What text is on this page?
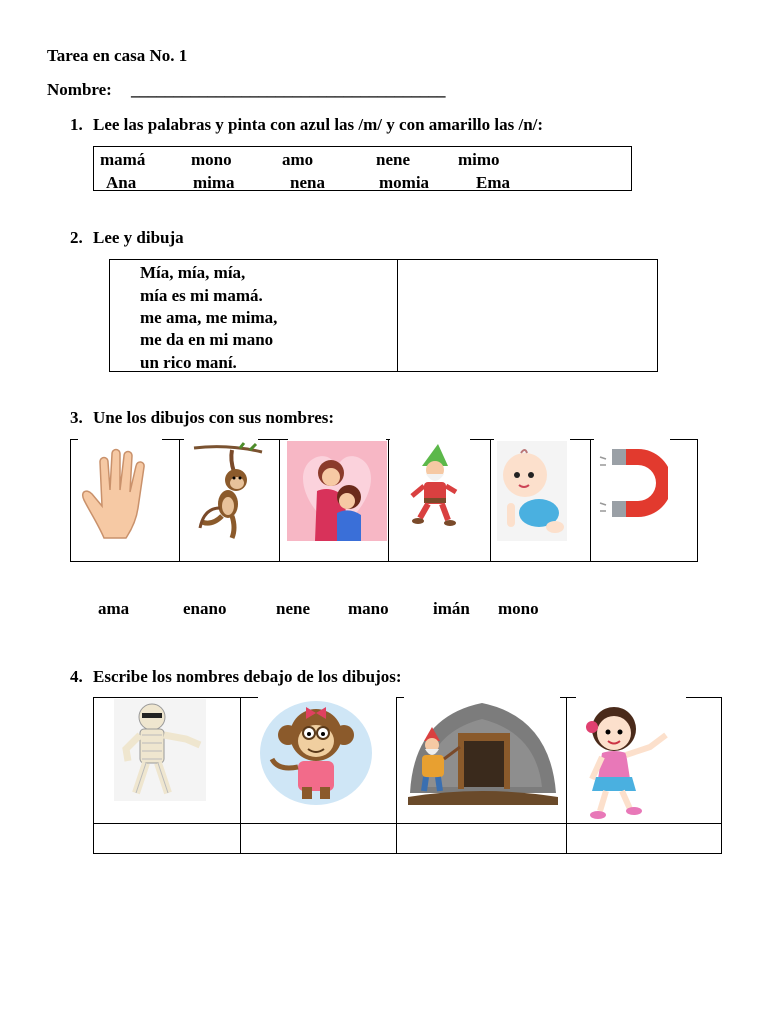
Tarea en casa No. 1
Nombre: _____________________________________
1. Lee las palabras y pinta con azul las /m/ y con amarillo las /n/:
mamá	mono	amo	nene	mimo
Ana	mima	nena	momia	Ema
2. Lee y dibuja
Mía, mía, mía,
mía es mi mamá.
me ama, me mima,
me da en mi mano
un rico maní.
3. Une los dibujos con sus nombres:
ama	enano	nene mano	imán mono
4. Escribe los nombres debajo de los dibujos:
